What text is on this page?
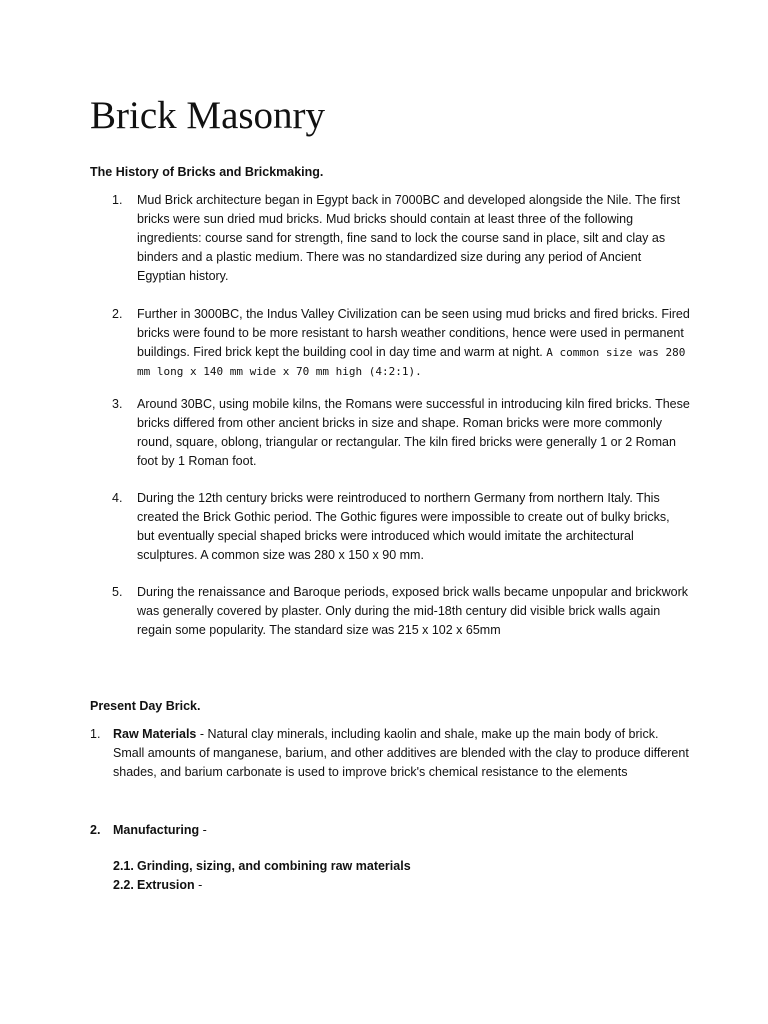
Brick Masonry
The History of Bricks and Brickmaking.
1. Mud Brick architecture began in Egypt back in 7000BC and developed alongside the Nile. The first bricks were sun dried mud bricks. Mud bricks should contain at least three of the following ingredients: course sand for strength, fine sand to lock the course sand in place, silt and clay as binders and a plastic medium. There was no standardized size during any period of Ancient Egyptian history.
2. Further in 3000BC, the Indus Valley Civilization can be seen using mud bricks and fired bricks. Fired bricks were found to be more resistant to harsh weather conditions, hence were used in permanent buildings. Fired brick kept the building cool in day time and warm at night. A common size was 280 mm long x 140 mm wide x 70 mm high (4:2:1).
3. Around 30BC, using mobile kilns, the Romans were successful in introducing kiln fired bricks. These bricks differed from other ancient bricks in size and shape. Roman bricks were more commonly round, square, oblong, triangular or rectangular. The kiln fired bricks were generally 1 or 2 Roman foot by 1 Roman foot.
4. During the 12th century bricks were reintroduced to northern Germany from northern Italy. This created the Brick Gothic period. The Gothic figures were impossible to create out of bulky bricks, but eventually special shaped bricks were introduced which would imitate the architectural sculptures. A common size was 280 x 150 x 90 mm.
5. During the renaissance and Baroque periods, exposed brick walls became unpopular and brickwork was generally covered by plaster. Only during the mid-18th century did visible brick walls again regain some popularity. The standard size was 215 x 102 x 65mm
Present Day Brick.
1. Raw Materials - Natural clay minerals, including kaolin and shale, make up the main body of brick. Small amounts of manganese, barium, and other additives are blended with the clay to produce different shades, and barium carbonate is used to improve brick's chemical resistance to the elements
2. Manufacturing -
2.1. Grinding, sizing, and combining raw materials
2.2. Extrusion -
